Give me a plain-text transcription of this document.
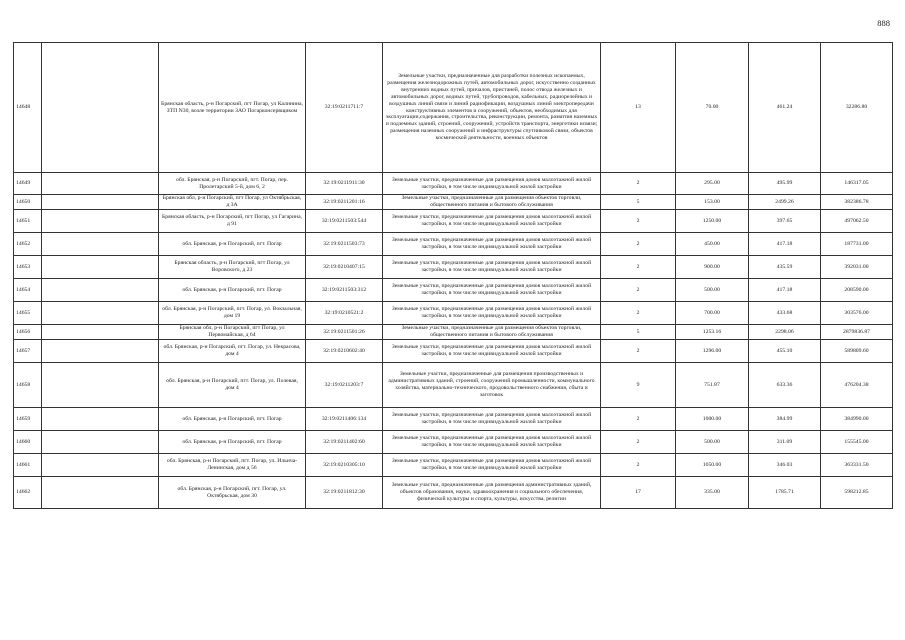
888
14648		Брянская область, р-н Погарский, пгт Погар, ул Калинина, ЗТП N30, возле территории ЗАО Погарконсервщиком	32:19:0211711:7	Земельные участки, предназначенные для разработки полезных ископаемых, размещения железнодорожных путей, автомобильных дорог, искусственно созданных внутренних водных путей, причалов, пристаней, полос отвода железных и автомобильных дорог, водных путей, трубопроводов, кабельных, радиорелейных и воздушных линий связи и линий радиофикации, воздушных линий электропередачи конструктивных элементов и сооружений, объектов, необходимых для эксплуатации,содержания, строительства, реконструкции, ремонта, развития наземных и подземных зданий, строений, сооружений, устройств транспорта, энергетики исвязи; размещения наземных сооружений и инфраструктуры спутниковой связи, объектов космической деятельности, военных объектов	13	70.00	461.24	32286.80
14649		обл. Брянская, р-н Погарский, пгт. Погар, пер. Пролетарский 5-й, дом 6, 2	32:19:0211911:30	Земельные участки, предназначенные для размещения домов малоэтажной жилой застройки, в том числе индивидуальной жилой застройки	2	295.00	495.99	146317.05
14650		Брянская обл, р-н Погарский, пгт Погар, ул Октябрьская, д 3А	32:19:0211201:16	Земельные участки, предназначенные для размещения объектов торговли, общественного питания и бытового обслуживания	5	153.00	2499.26	382386.78
14651		Брянская область, р-н Погарский, пгт Погар, ул Гагарина, д 91	32:19:0211503:544	Земельные участки, предназначенные для размещения домов малоэтажной жилой застройки, в том числе индивидуальной жилой застройки	2	1250.00	397.65	497062.50
14652		обл. Брянская, р-н Погарский, пгт. Погар	32:19:0211503:73	Земельные участки, предназначенные для размещения домов малоэтажной жилой застройки, в том числе индивидуальной жилой застройки	2	450.00	417.18	187731.00
14653		Брянская область, р-н Погарский, пгт Погар, ул Воровского, д 23	32:19:0210407:15	Земельные участки, предназначенные для размещения домов малоэтажной жилой застройки, в том числе индивидуальной жилой застройки	2	900.00	435.59	392031.00
14654		обл. Брянская, р-н Погарский, пгт. Погар	32:19:0211503:312	Земельные участки, предназначенные для размещения домов малоэтажной жилой застройки, в том числе индивидуальной жилой застройки	2	500.00	417.18	208590.00
14655		обл. Брянская, р-н Погарский, пгт. Погар, ул. Вокзальная, дом 19	32:19:0210521:2	Земельные участки, предназначенные для размещения домов малоэтажной жилой застройки, в том числе индивидуальной жилой застройки	2	700.00	433.68	303576.00
14656		Брянская обл, р-н Погарский, пгт Погар, ул Первомайская, д 64	32:19:0211501:26	Земельные участки, предназначенные для размещения объектов торговли, общественного питания и бытового обслуживания	5	1253.16	2298.06	2879836.87
14657		обл. Брянская, р-н Погарский, пгт. Погар, ул. Некрасова, дом 4	32:19:0210602:40	Земельные участки, предназначенные для размещения домов малоэтажной жилой застройки, в том числе индивидуальной жилой застройки	2	1296.00	455.10	589809.60
14658		обл. Брянская, р-н Погарский, пгт. Погар, ул. Полевая, дом 4	32:19:0211203:7	Земельные участки, предназначенные для размещения производственных и административных зданий, строений, сооружений промышленности, коммунального хозяйства, материально-технического, продовольственного снабжения, сбыта и заготовок	9	751.87	633.36	476204.38
14659		обл. Брянская, р-н Погарский, пгт. Погар	32:19:0211406:134	Земельные участки, предназначенные для размещения домов малоэтажной жилой застройки, в том числе индивидуальной жилой застройки	2	1000.00	384.99	384990.00
14660		обл. Брянская, р-н Погарский, пгт. Погар	32:19:0211402:60	Земельные участки, предназначенные для размещения домов малоэтажной жилой застройки, в том числе индивидуальной жилой застройки	2	500.00	311.09	155545.00
14661		обл. Брянская, р-н Погарский, пгт. Погар, ул. Ильича-Ленинская, дом д 56	32:19:0210305:10	Земельные участки, предназначенные для размещения домов малоэтажной жилой застройки, в том числе индивидуальной жилой застройки	2	1050.00	346.03	363331.50
14662		обл. Брянская, р-н Погарский, пгт. Погар, ул. Октябрьская, дом 30	32:19:0211812:30	Земельные участки, предназначенные для размещения административных зданий, объектов образования, науки, здравоохранения и социального обеспечения, физической культуры и спорта, культуры, искусства, религии	17	335.00	1785.71	598212.85
